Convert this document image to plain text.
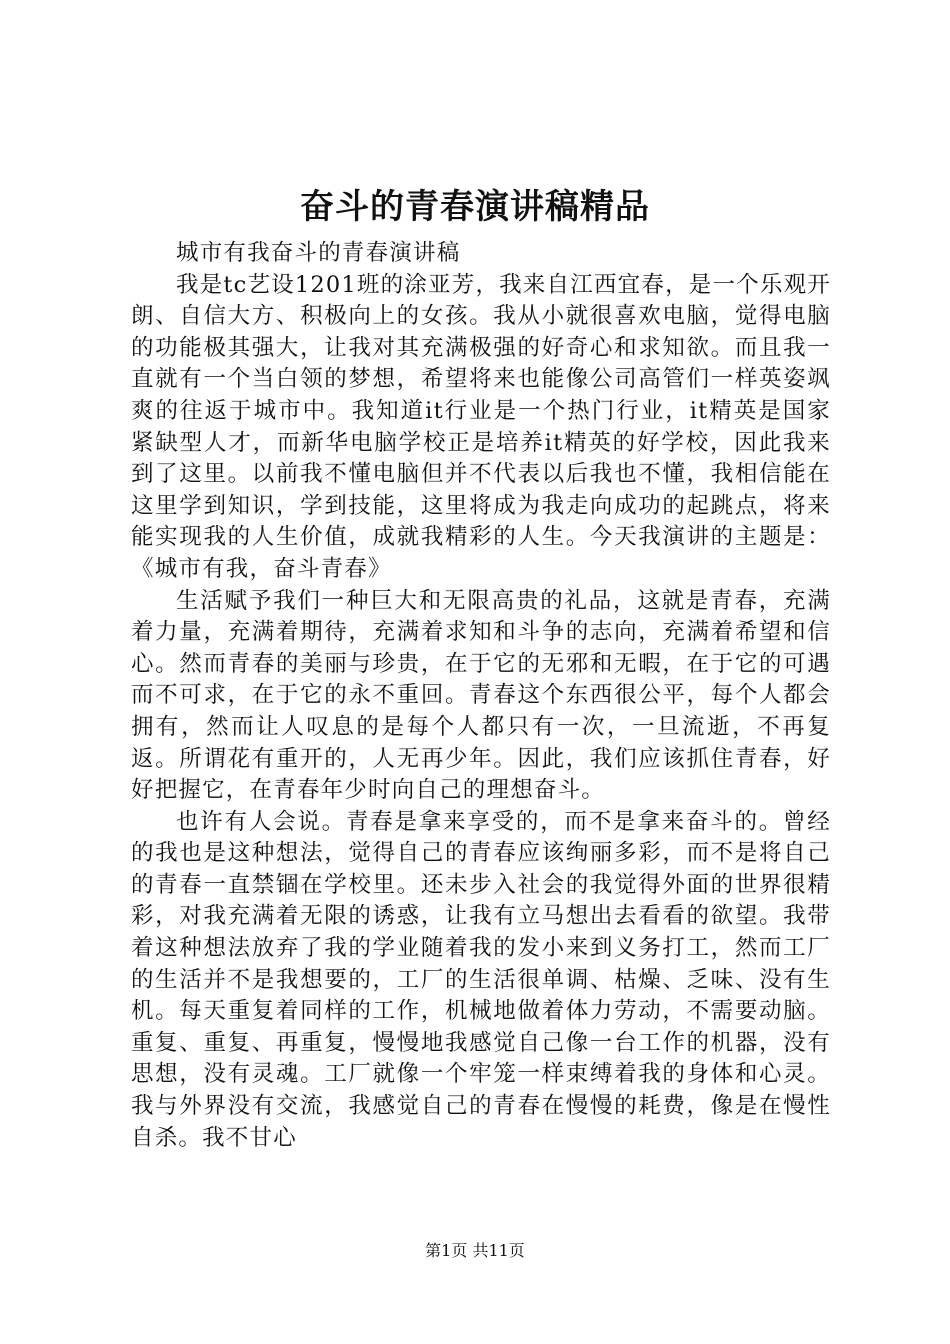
奋斗的青春演讲稿精品

城市有我奋斗的青春演讲稿

我是tc艺设1201班的涂亚芳，我来自江西宜春，是一个乐观开朗、自信大方、积极向上的女孩。我从小就很喜欢电脑，觉得电脑的功能极其强大，让我对其充满极强的好奇心和求知欲。而且我一直就有一个当白领的梦想，希望将来也能像公司高管们一样英姿飒爽的往返于城市中。我知道it行业是一个热门行业，it精英是国家紧缺型人才，而新华电脑学校正是培养it精英的好学校，因此我来到了这里。以前我不懂电脑但并不代表以后我也不懂，我相信能在这里学到知识，学到技能，这里将成为我走向成功的起跳点，将来能实现我的人生价值，成就我精彩的人生。今天我演讲的主题是：《城市有我，奋斗青春》

生活赋予我们一种巨大和无限高贵的礼品，这就是青春，充满着力量，充满着期待，充满着求知和斗争的志向，充满着希望和信心。然而青春的美丽与珍贵，在于它的无邪和无暇，在于它的可遇而不可求，在于它的永不重回。青春这个东西很公平，每个人都会拥有，然而让人叹息的是每个人都只有一次，一旦流逝，不再复返。所谓花有重开的，人无再少年。因此，我们应该抓住青春，好好把握它，在青春年少时向自己的理想奋斗。

也许有人会说。青春是拿来享受的，而不是拿来奋斗的。曾经的我也是这种想法，觉得自己的青春应该绚丽多彩，而不是将自己的青春一直禁锢在学校里。还未步入社会的我觉得外面的世界很精彩，对我充满着无限的诱惑，让我有立马想出去看看的欲望。我带着这种想法放弃了我的学业随着我的发小来到义务打工，然而工厂的生活并不是我想要的，工厂的生活很单调、枯燥、乏味、没有生机。每天重复着同样的工作，机械地做着体力劳动，不需要动脑。重复、重复、再重复，慢慢地我感觉自己像一台工作的机器，没有思想，没有灵魂。工厂就像一个牢笼一样束缚着我的身体和心灵。我与外界没有交流，我感觉自己的青春在慢慢的耗费，像是在慢性自杀。我不甘心

第1页 共11页
